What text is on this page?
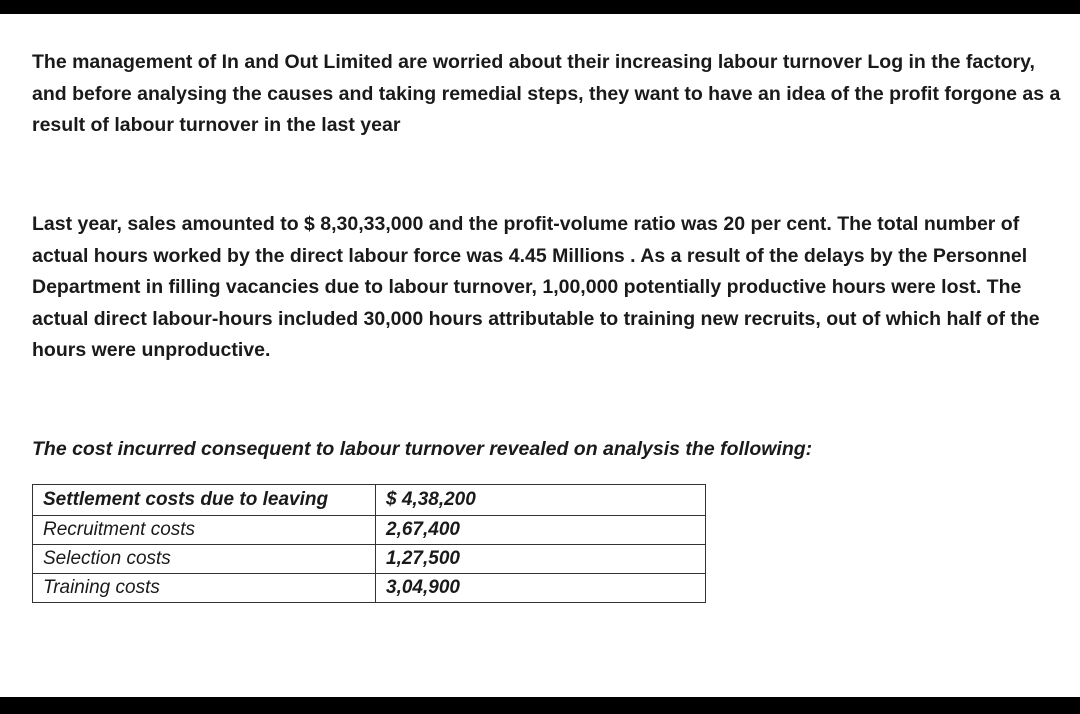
The management of In and Out Limited are worried about their increasing labour turnover Log in the factory, and before analysing the causes and taking remedial steps, they want to have an idea of the profit forgone as a result of labour turnover in the last year

Last year, sales amounted to $ 8,30,33,000 and the profit-volume ratio was 20 per cent. The total number of actual hours worked by the direct labour force was 4.45 Millions . As a result of the delays by the Personnel Department in filling vacancies due to labour turnover, 1,00,000 potentially productive hours were lost. The actual direct labour-hours included 30,000 hours attributable to training new recruits, out of which half of the hours were unproductive.

The cost incurred consequent to labour turnover revealed on analysis the following:

Settlement costs due to leaving	$ 4,38,200
Recruitment costs	2,67,400
Selection costs	1,27,500
Training costs	3,04,900
